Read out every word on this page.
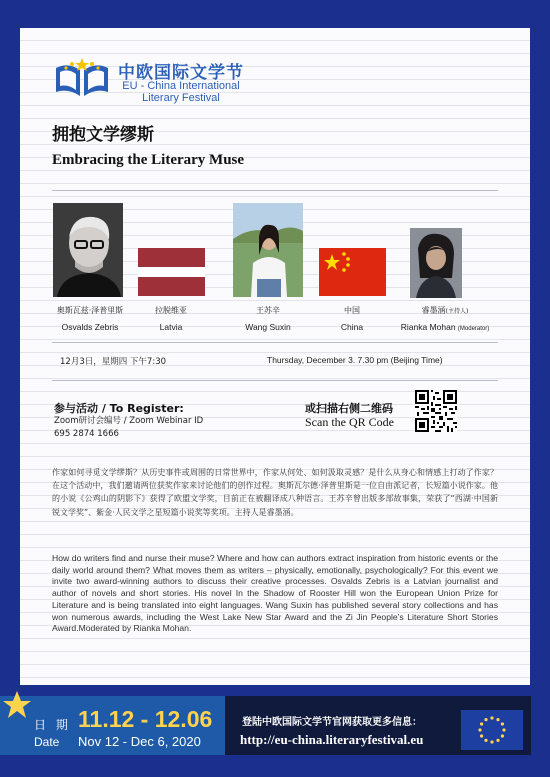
中欧国际文学节
EU - China International
Literary Festival
拥抱文学缪斯
Embracing the Literary Muse
奥斯瓦兹·泽普里斯
Osvalds Zebris
拉脱维亚
Latvia
王苏辛
Wang Suxin
中国
China
睿墨涵(主持人)
Rianka Mohan (Moderator)
12月3日，星期四 下午7:30	Thursday, December 3. 7.30 pm (Beijing Time)
参与活动 / To Register:
Zoom研讨会编号 / Zoom Webinar ID
695 2874 1666
或扫描右侧二维码
Scan the QR Code
作家如何寻觅文学缪斯？从历史事件或周围的日常世界中，作家从何处、如何汲取灵感？是什么从身心和情感上打动了作家？在这个活动中，我们邀请两位获奖作家来讨论他们的创作过程。奥斯瓦尔德·泽普里斯是一位自由派记者，长短篇小说作家。他的小说《公鸡山的阴影下》获得了欧盟文学奖，目前正在被翻译成八种语言。王苏辛曾出版多部故事集，荣获了“西湖·中国新锐文学奖”、紫金·人民文学之星短篇小说奖等奖项。主持人是睿墨涵。
How do writers find and nurse their muse? Where and how can authors extract inspiration from historic events or the daily world around them? What moves them as writers – physically, emotionally, psychologically? For this event we invite two award-winning authors to discuss their creative processes. Osvalds Zebris is a Latvian journalist and author of novels and short stories. His novel In the Shadow of Rooster Hill won the European Union Prize for Literature and is being translated into eight languages. Wang Suxin has published several story collections and has won numerous awards, including the West Lake New Star Award and the Zi Jin People’s Literature Short Stories Award.Moderated by Rianka Mohan.
日 期
Date
11.12 - 12.06
Nov 12 - Dec 6, 2020
登陆中欧国际文学节官网获取更多信息：
http://eu-china.literaryfestival.eu
